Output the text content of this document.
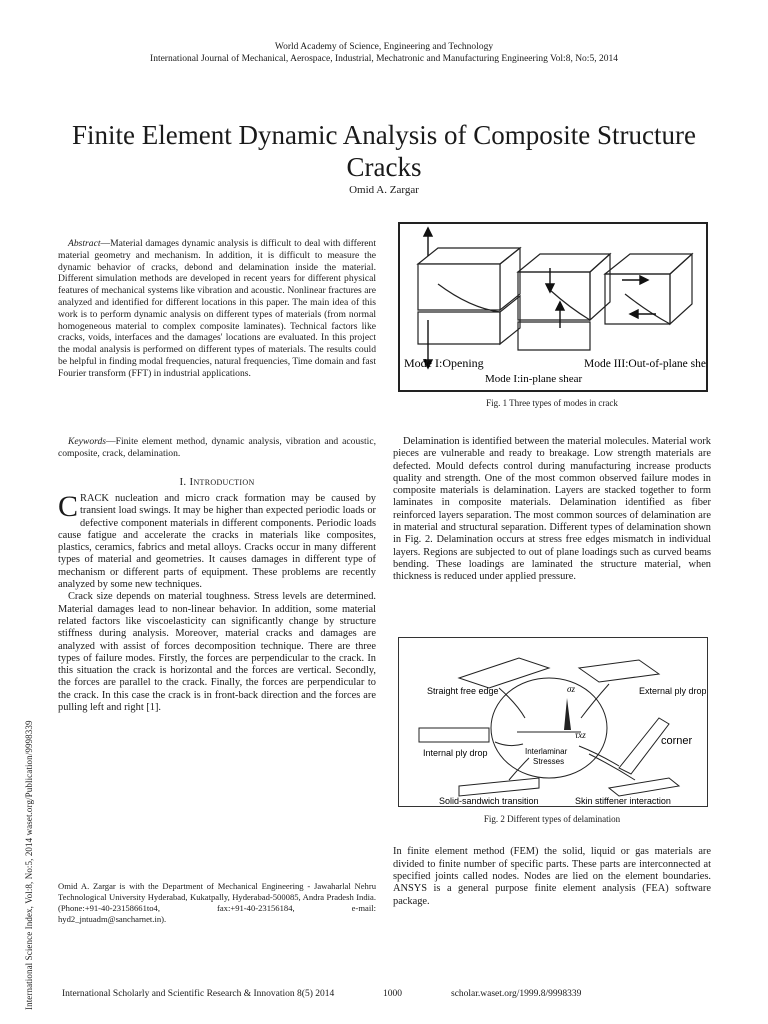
World Academy of Science, Engineering and Technology
International Journal of Mechanical, Aerospace, Industrial, Mechatronic and Manufacturing Engineering Vol:8, No:5, 2014
Finite Element Dynamic Analysis of Composite Structure Cracks
Omid A. Zargar
International Science Index, Vol:8, No:5, 2014 waset.org/Publication/9998339
Abstract—Material damages dynamic analysis is difficult to deal with different material geometry and mechanism. In addition, it is difficult to measure the dynamic behavior of cracks, debond and delamination inside the material. Different simulation methods are developed in recent years for different physical features of mechanical systems like vibration and acoustic. Nonlinear fractures are analyzed and identified for different locations in this paper. The main idea of this work is to perform dynamic analysis on different types of materials (from normal homogeneous material to complex composite laminates). Technical factors like cracks, voids, interfaces and the damages' locations are evaluated. In this project the modal analysis is performed on different types of materials. The results could be helpful in finding modal frequencies, natural frequencies, Time domain and fast Fourier transform (FFT) in industrial applications.
Keywords—Finite element method, dynamic analysis, vibration and acoustic, composite, crack, delamination.
I. Introduction

CRACK nucleation and micro crack formation may be caused by transient load swings. It may be higher than expected periodic loads or defective component materials in different components. Periodic loads cause fatigue and accelerate the cracks in materials like composites, plastics, ceramics, fabrics and metal alloys. Cracks occur in many different types of material and geometries. It causes damages in different type of mechanism or different parts of equipment. These problems are recently analyzed by some new techniques.

Crack size depends on material toughness. Stress levels are determined. Material damages lead to non-linear behavior. In addition, some material related factors like viscoelasticity can significantly change by structure stiffness during analysis. Moreover, material cracks and damages are analyzed with assist of forces decomposition technique. There are three types of failure modes. Firstly, the forces are perpendicular to the crack. In this situation the crack is horizontal and the forces are vertical. Secondly, the forces are parallel to the crack. Finally, the forces are perpendicular to the crack. In this case the crack is in front-back direction and the forces are pulling left and right [1].

Omid A. Zargar is with the Department of Mechanical Engineering - Jawaharlal Nehru Technological University Hyderabad, Kukatpally, Hyderabad-500085, Andra Pradesh India. (Phone:+91-40-23158661to4, fax:+91-40-23156184, e-mail: hyd2_jntuadm@sancharnet.in).
Mode I:Opening
Mode I:in-plane shear
Mode III:Out-of-plane shear
Fig. 1 Three types of modes in crack

Delamination is identified between the material molecules. Material work pieces are vulnerable and ready to breakage. Low strength materials are defected. Mould defects control during manufacturing increase products quality and strength. One of the most common observed failure modes in composite materials is delamination. Layers are stacked together to form laminates in composite materials. Delamination identified as fiber reinforced layers separation. The most common sources of delamination are in material and structural separation. Different types of delamination shown in Fig. 2. Delamination occurs at stress free edges mismatch in individual layers. Regions are subjected to out of plane loadings such as curved beams bending. These loadings are laminated the structure material, when thickness is reduced under applied pressure.

Straight free edge	External ply drop
Internal ply drop	Interlaminar
Stresses
corner
Solid-sandwich transition	Skin stiffener interaction
σz
τxz
Fig. 2 Different types of delamination

In finite element method (FEM) the solid, liquid or gas materials are divided to finite number of specific parts. These parts are interconnected at specified joints called nodes. Nodes are lied on the element boundaries. ANSYS is a general purpose finite element analysis (FEA) software package.

International Scholarly and Scientific Research & Innovation 8(5) 2014	1000	scholar.waset.org/1999.8/9998339
